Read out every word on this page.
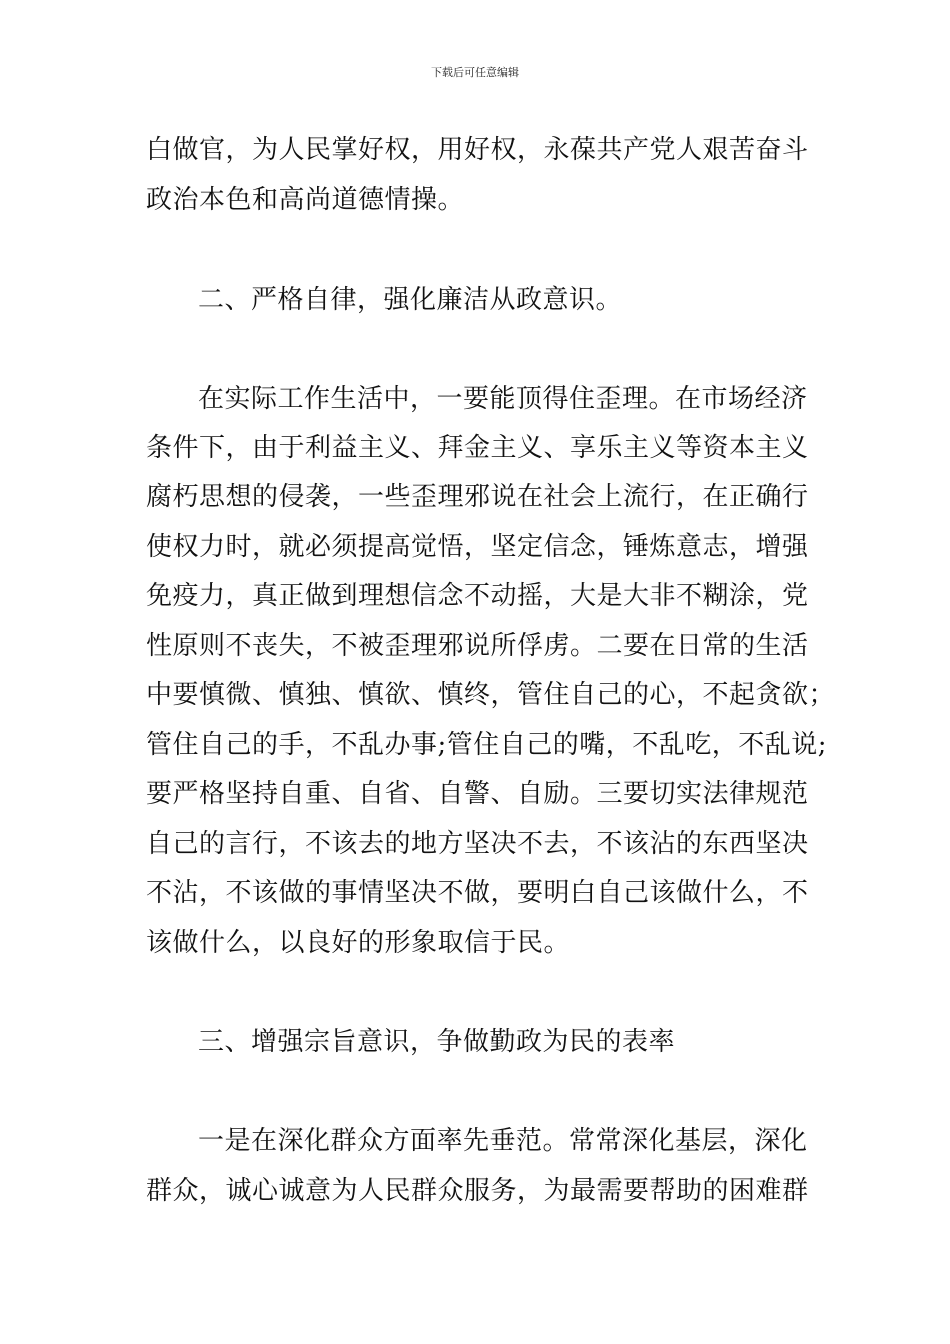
下载后可任意编辑
白做官，为人民掌好权，用好权，永葆共产党人艰苦奋斗
政治本色和高尚道德情操。
二、严格自律，强化廉洁从政意识。
在实际工作生活中，一要能顶得住歪理。在市场经济
条件下，由于利益主义、拜金主义、享乐主义等资本主义
腐朽思想的侵袭，一些歪理邪说在社会上流行，在正确行
使权力时，就必须提高觉悟，坚定信念，锤炼意志，增强
免疫力，真正做到理想信念不动摇，大是大非不糊涂，党
性原则不丧失，不被歪理邪说所俘虏。二要在日常的生活
中要慎微、慎独、慎欲、慎终，管住自己的心，不起贪欲；
管住自己的手，不乱办事;管住自己的嘴，不乱吃，不乱说;
要严格坚持自重、自省、自警、自励。三要切实法律规范
自己的言行，不该去的地方坚决不去，不该沾的东西坚决
不沾，不该做的事情坚决不做，要明白自己该做什么，不
该做什么，以良好的形象取信于民。
三、增强宗旨意识，争做勤政为民的表率
一是在深化群众方面率先垂范。常常深化基层，深化
群众，诚心诚意为人民群众服务，为最需要帮助的困难群
